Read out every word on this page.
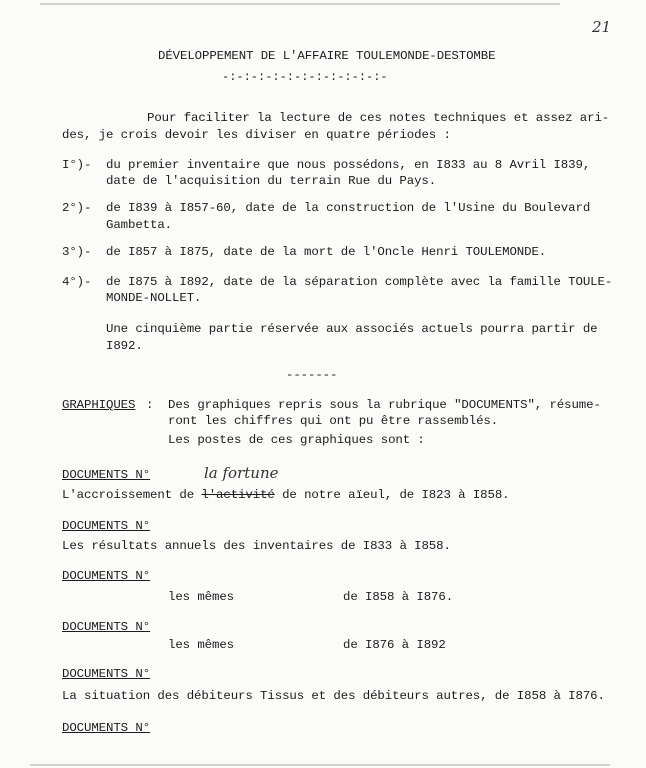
21
DÉVELOPPEMENT DE L'AFFAIRE TOULEMONDE-DESTOMBE
-:-:-:-:-:-:-:-:-:-:-:-
Pour faciliter la lecture de ces notes techniques et assez ari-
des, je crois devoir les diviser en quatre périodes :
I°)- du premier inventaire que nous possédons, en I833 au 8 Avril I839,
date de l'acquisition du terrain Rue du Pays.
2°)- de I839 à I857-60, date de la construction de l'Usine du Boulevard
Gambetta.
3°)- de I857 à I875, date de la mort de l'Oncle Henri TOULEMONDE.
4°)- de I875 à I892, date de la séparation complète avec la famille TOULE-
MONDE-NOLLET.
Une cinquième partie réservée aux associés actuels pourra partir de
I892.
-------
GRAPHIQUES : Des graphiques repris sous la rubrique "DOCUMENTS", résume-
ront les chiffres qui ont pu être rassemblés.
Les postes de ces graphiques sont :
DOCUMENTS N°	la fortune
L'accroissement de l'activité de notre aïeul, de I823 à I858.
DOCUMENTS N°
Les résultats annuels des inventaires de I833 à I858.
DOCUMENTS N°
les mêmes	de I858 à I876.
DOCUMENTS N°
les mêmes	de I876 à I892
DOCUMENTS N°
La situation des débiteurs Tissus et des débiteurs autres, de I858 à I876.
DOCUMENTS N°
